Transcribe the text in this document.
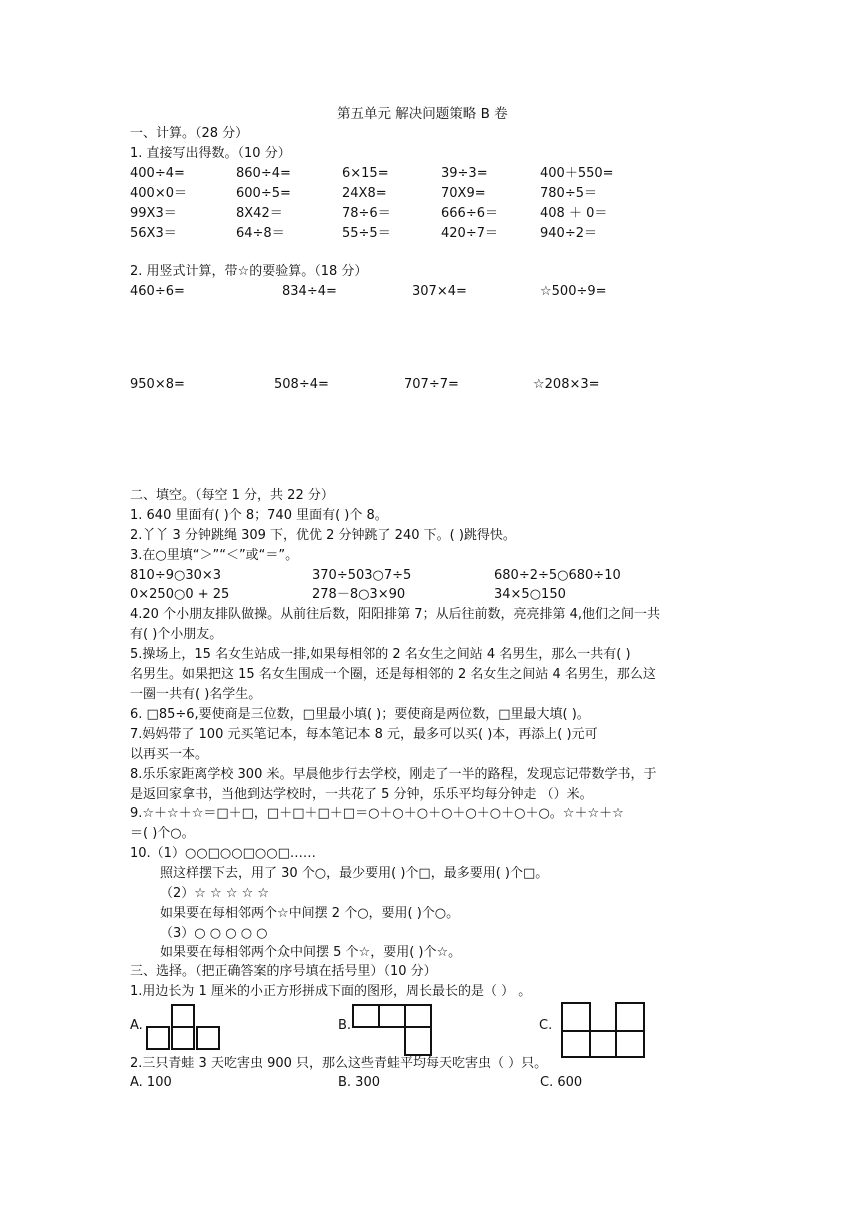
第五单元 解决问题策略 B 卷
一、计算。（28 分）
1. 直接写出得数。（10 分）
400÷4=	860÷4=	6×15=	39÷3=	400＋550=
400×0＝	600÷5=	24X8=	70X9=	780÷5＝
99X3＝	8X42＝	78÷6＝	666÷6＝	408 ＋ 0＝
56X3＝	64÷8＝	55÷5＝	420÷7＝	940÷2＝
2. 用竖式计算，带☆的要验算。（18 分）
460÷6=	834÷4=	307×4=	☆500÷9=
950×8=	508÷4=	707÷7=	☆208×3=
二、填空。（每空 1 分，共 22 分）
1. 640 里面有( )个 8；740 里面有( )个 8。
2.丫丫 3 分钟跳绳 309 下，优优 2 分钟跳了 240 下。( )跳得快。
3.在○里填“＞”“＜”或“＝”。
810÷9○30×3	370÷503○7÷5	680÷2÷5○680÷10
0×250○0 + 25	278－8○3×90	34×5○150
4.20 个小朋友排队做操。从前往后数，阳阳排第 7；从后往前数，亮亮排第 4,他们之间一共
有( )个小朋友。
5.操场上，15 名女生站成一排,如果每相邻的 2 名女生之间站 4 名男生，那么一共有( )
名男生。如果把这 15 名女生围成一个圈，还是每相邻的 2 名女生之间站 4 名男生，那么这
一圈一共有( )名学生。
6. □85÷6,要使商是三位数，□里最小填( )；要使商是两位数，□里最大填( )。
7.妈妈带了 100 元买笔记本，每本笔记本 8 元，最多可以买( )本，再添上( )元可
以再买一本。
8.乐乐家距离学校 300 米。早晨他步行去学校，刚走了一半的路程，发现忘记带数学书，于
是返回家拿书，当他到达学校时，一共花了 5 分钟，乐乐平均每分钟走 （）米。
9.☆＋☆＋☆＝□＋□，□＋□＋□＋□＝○＋○＋○＋○＋○＋○＋○＋○。☆＋☆＋☆
＝( )个○。
10.（1）○○□○○□○○□……
照这样摆下去，用了 30 个○，最少要用( )个□，最多要用( )个□。
（2）☆ ☆ ☆ ☆ ☆
如果要在每相邻两个☆中间摆 2 个○，要用( )个○。
（3）○ ○ ○ ○ ○
如果要在每相邻两个众中间摆 5 个☆，要用( )个☆。
三、选择。（把正确答案的序号填在括号里）（10 分）
1.用边长为 1 厘米的小正方形拼成下面的图形，周长最长的是（ ） 。
A.	B.	C.
2.三只青蛙 3 天吃害虫 900 只，那么这些青蛙平均每天吃害虫（ ）只。
A. 100	B. 300	C. 600
